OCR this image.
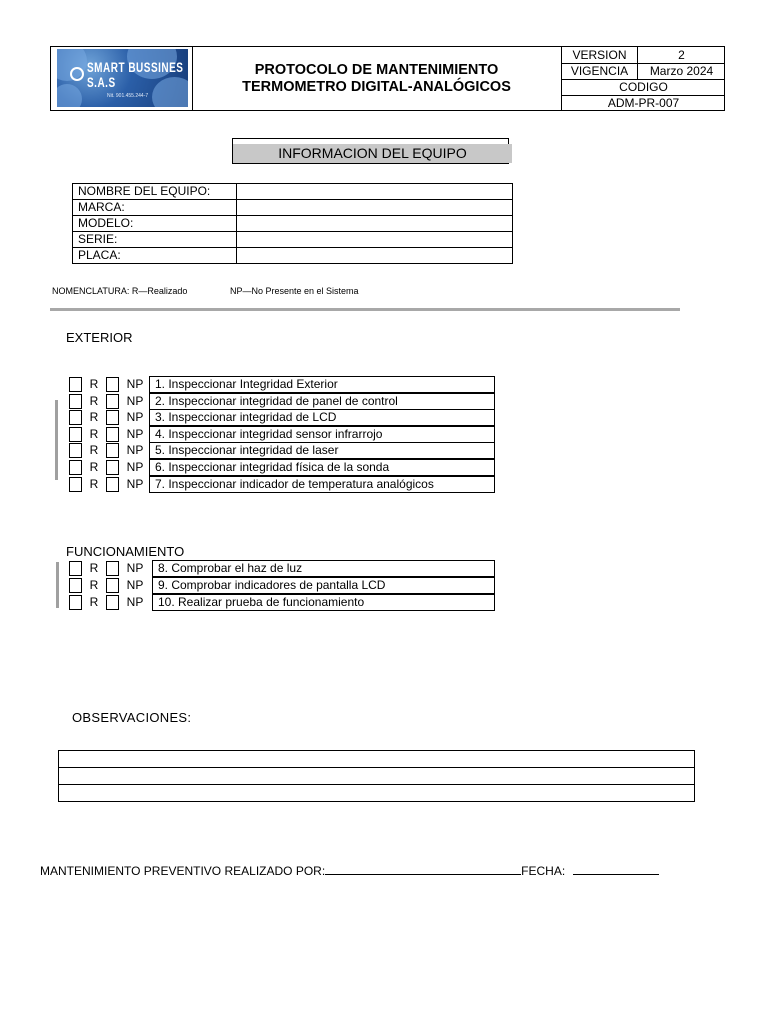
SMART BUSSINES S.A.S
Nit. 901.455.244-7
PROTOCOLO DE MANTENIMIENTO
TERMOMETRO DIGITAL-ANALÓGICOS
VERSION	2
VIGENCIA	Marzo 2024
CODIGO
ADM-PR-007
INFORMACION DEL EQUIPO
NOMBRE DEL EQUIPO:	
MARCA:	
MODELO:	
SERIE:	
PLACA:	
NOMENCLATURA: R—Realizado	NP—No Presente en el Sistema
EXTERIOR
R	NP 1. Inspeccionar Integridad Exterior
R	NP 2. Inspeccionar integridad de panel de control
R	NP 3. Inspeccionar integridad de LCD
R	NP 4. Inspeccionar integridad sensor infrarrojo
R	NP 5. Inspeccionar integridad de laser
R	NP 6. Inspeccionar integridad física de la sonda
R	NP 7. Inspeccionar indicador de temperatura analógicos
FUNCIONAMIENTO
R	NP	8. Comprobar el haz de luz
R	NP	9. Comprobar indicadores de pantalla LCD
R	NP	10. Realizar prueba de funcionamiento
OBSERVACIONES:
MANTENIMIENTO PREVENTIVO REALIZADO POR:	FECHA:
